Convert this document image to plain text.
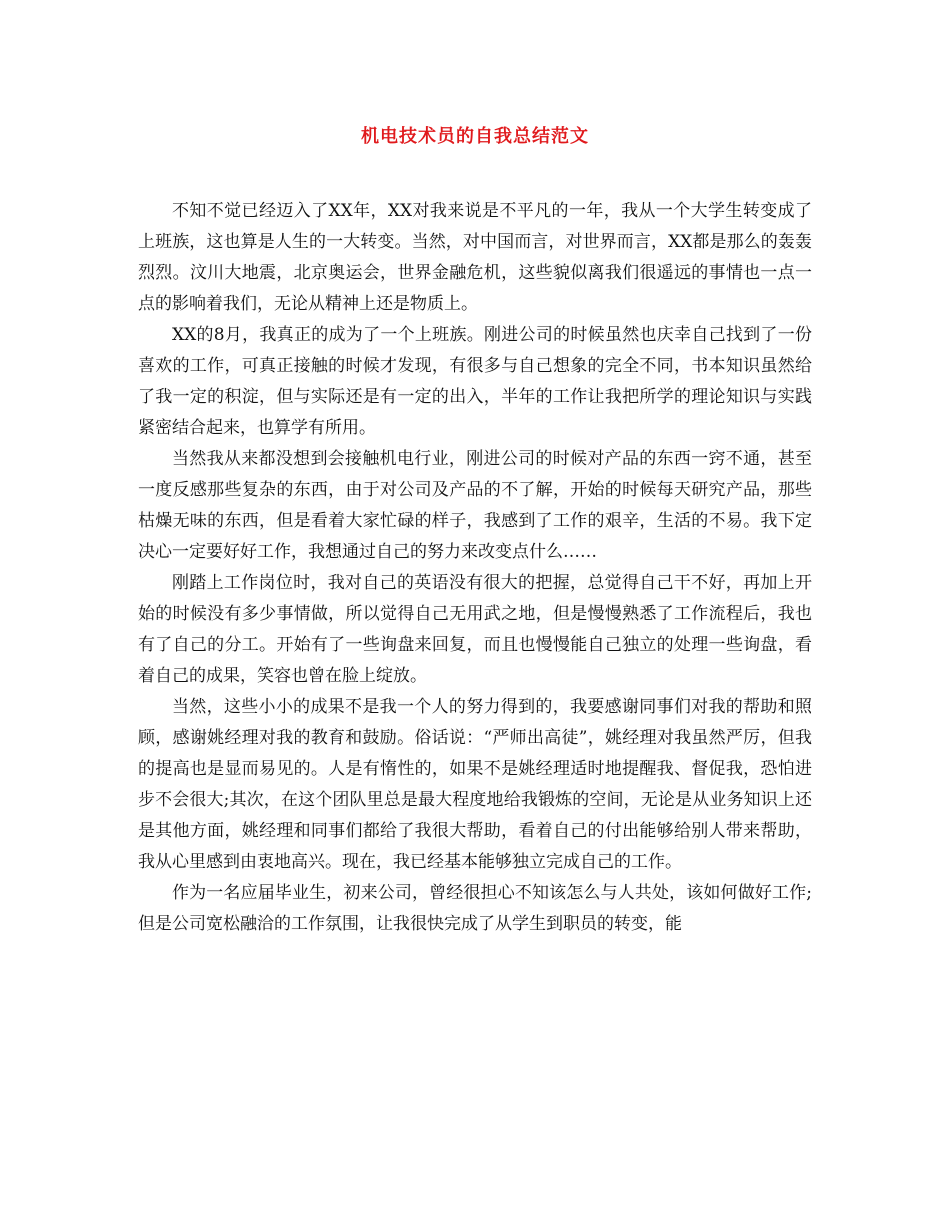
机电技术员的自我总结范文

不知不觉已经迈入了XX年，XX对我来说是不平凡的一年，我从一个大学生转变成了上班族，这也算是人生的一大转变。当然，对中国而言，对世界而言，XX都是那么的轰轰烈烈。汶川大地震，北京奥运会，世界金融危机，这些貌似离我们很遥远的事情也一点一点的影响着我们，无论从精神上还是物质上。

XX的8月，我真正的成为了一个上班族。刚进公司的时候虽然也庆幸自己找到了一份喜欢的工作，可真正接触的时候才发现，有很多与自己想象的完全不同，书本知识虽然给了我一定的积淀，但与实际还是有一定的出入，半年的工作让我把所学的理论知识与实践紧密结合起来，也算学有所用。

当然我从来都没想到会接触机电行业，刚进公司的时候对产品的东西一窍不通，甚至一度反感那些复杂的东西，由于对公司及产品的不了解，开始的时候每天研究产品，那些枯燥无味的东西，但是看着大家忙碌的样子，我感到了工作的艰辛，生活的不易。我下定决心一定要好好工作，我想通过自己的努力来改变点什么……

刚踏上工作岗位时，我对自己的英语没有很大的把握，总觉得自己干不好，再加上开始的时候没有多少事情做，所以觉得自己无用武之地，但是慢慢熟悉了工作流程后，我也有了自己的分工。开始有了一些询盘来回复，而且也慢慢能自己独立的处理一些询盘，看着自己的成果，笑容也曾在脸上绽放。

当然，这些小小的成果不是我一个人的努力得到的，我要感谢同事们对我的帮助和照顾，感谢姚经理对我的教育和鼓励。俗话说：“严师出高徒”，姚经理对我虽然严厉，但我的提高也是显而易见的。人是有惰性的，如果不是姚经理适时地提醒我、督促我，恐怕进步不会很大;其次，在这个团队里总是最大程度地给我锻炼的空间，无论是从业务知识上还是其他方面，姚经理和同事们都给了我很大帮助，看着自己的付出能够给别人带来帮助，我从心里感到由衷地高兴。现在，我已经基本能够独立完成自己的工作。

作为一名应届毕业生，初来公司，曾经很担心不知该怎么与人共处，该如何做好工作;但是公司宽松融洽的工作氛围，让我很快完成了从学生到职员的转变，能
